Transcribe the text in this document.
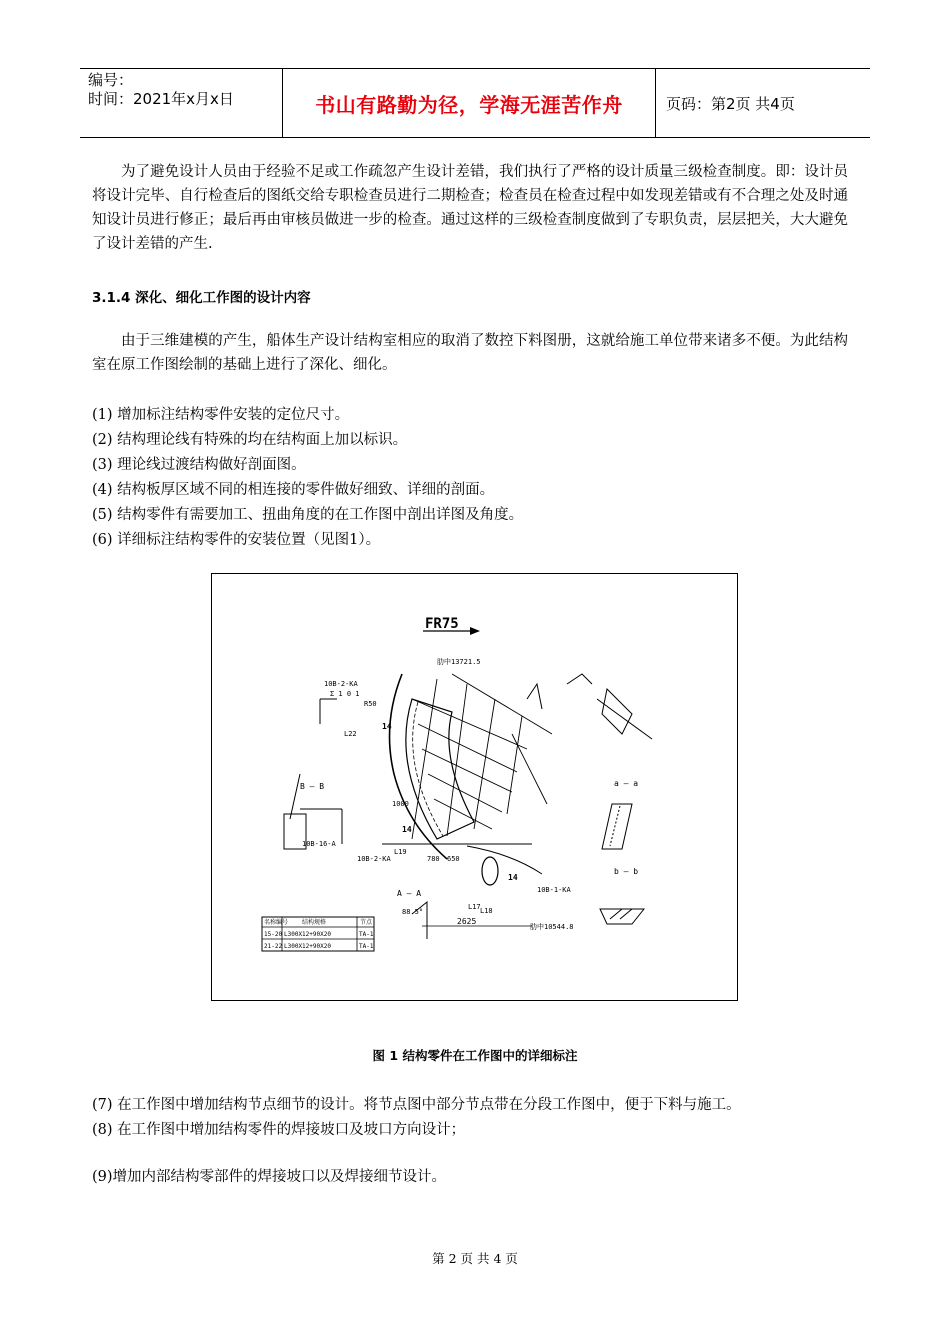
编号：
时间：2021年x月x日	书山有路勤为径，学海无涯苦作舟	页码：第2页 共4页
为了避免设计人员由于经验不足或工作疏忽产生设计差错，我们执行了严格的设计质量三级检查制度。即：设计员将设计完毕、自行检查后的图纸交给专职检查员进行二期检查；检查员在检查过程中如发现差错或有不合理之处及时通知设计员进行修正；最后再由审核员做进一步的检查。通过这样的三级检查制度做到了专职负责，层层把关，大大避免了设计差错的产生.
3.1.4 深化、细化工作图的设计内容
由于三维建模的产生，船体生产设计结构室相应的取消了数控下料图册，这就给施工单位带来诸多不便。为此结构室在原工作图绘制的基础上进行了深化、细化。
(1) 增加标注结构零件安装的定位尺寸。
(2) 结构理论线有特殊的均在结构面上加以标识。
(3) 理论线过渡结构做好剖面图。
(4) 结构板厚区域不同的相连接的零件做好细致、详细的剖面。
(5) 结构零件有需要加工、扭曲角度的在工作图中剖出详图及角度。
(6) 详细标注结构零件的安装位置（见图1）。
(7) 在工作图中增加结构节点细节的设计。将节点图中部分节点带在分段工作图中，便于下料与施工。
(8) 在工作图中增加结构零件的焊接坡口及坡口方向设计；
(9)增加内部结构零部件的焊接坡口以及焊接细节设计。
FR75
2625
肋中10544.8
肋中13721.5
780 650
1000
10B-2-KA
Σ 1 0 1
10B-1-KA
10B-2-KA
10B-16-A
14
14
14
L19
L17 L18
L22
R50
B — B
A — A
88.5°
a — a
b — b
名称编号 结构规格	节点
15-20 L300X12+90X20	TA-1
21-22 L300X12+90X20	TA-1
图 1 结构零件在工作图中的详细标注
第 2 页 共 4 页
